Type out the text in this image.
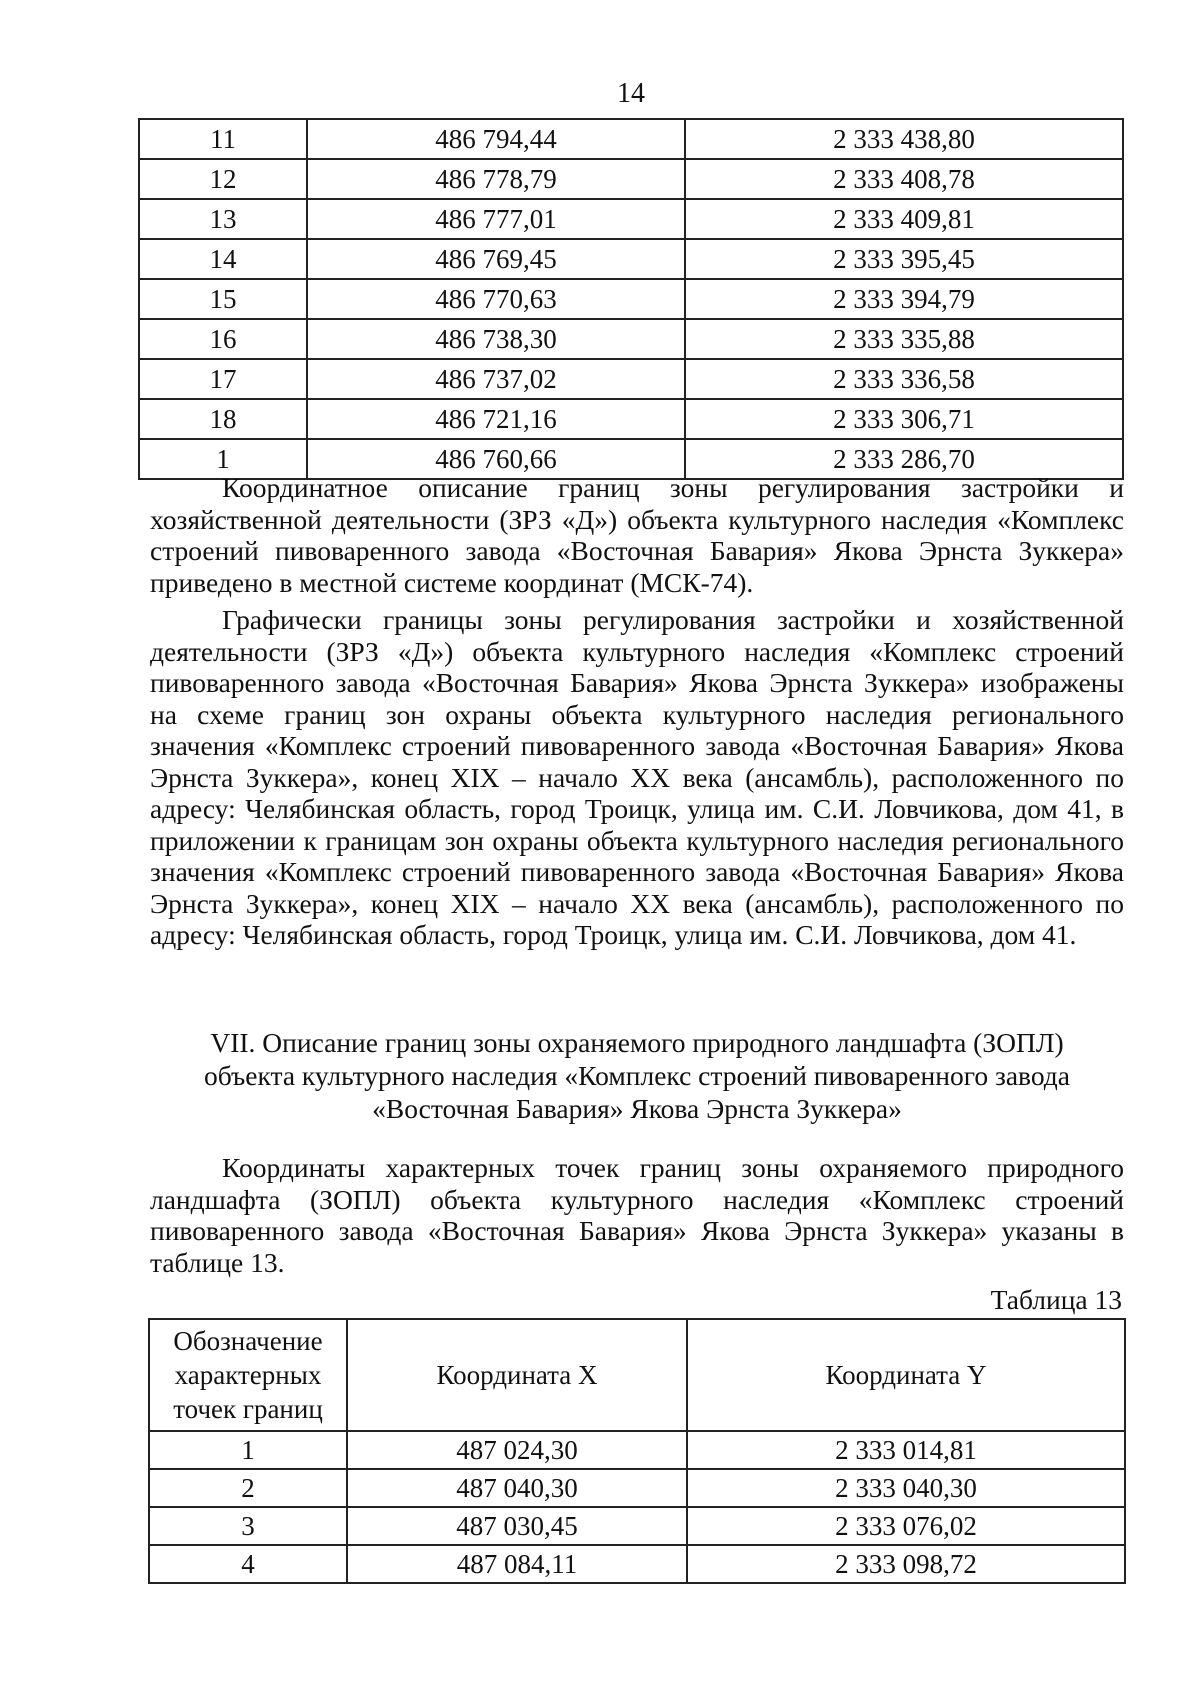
14
11	486 794,44	2 333 438,80
12	486 778,79	2 333 408,78
13	486 777,01	2 333 409,81
14	486 769,45	2 333 395,45
15	486 770,63	2 333 394,79
16	486 738,30	2 333 335,88
17	486 737,02	2 333 336,58
18	486 721,16	2 333 306,71
1	486 760,66	2 333 286,70
Координатное описание границ зоны регулирования застройки и хозяйственной деятельности (ЗРЗ «Д») объекта культурного наследия «Комплекс строений пивоваренного завода «Восточная Бавария» Якова Эрнста Зуккера» приведено в местной системе координат (МСК-74).
Графически границы зоны регулирования застройки и хозяйственной деятельности (ЗРЗ «Д») объекта культурного наследия «Комплекс строений пивоваренного завода «Восточная Бавария» Якова Эрнста Зуккера» изображены на схеме границ зон охраны объекта культурного наследия регионального значения «Комплекс строений пивоваренного завода «Восточная Бавария» Якова Эрнста Зуккера», конец XIX – начало XX века (ансамбль), расположенного по адресу: Челябинская область, город Троицк, улица им. С.И. Ловчикова, дом 41, в приложении к границам зон охраны объекта культурного наследия регионального значения «Комплекс строений пивоваренного завода «Восточная Бавария» Якова Эрнста Зуккера», конец XIX – начало XX века (ансамбль), расположенного по адресу: Челябинская область, город Троицк, улица им. С.И. Ловчикова, дом 41.
VII. Описание границ зоны охраняемого природного ландшафта (ЗОПЛ)
объекта культурного наследия «Комплекс строений пивоваренного завода
«Восточная Бавария» Якова Эрнста Зуккера»
Координаты характерных точек границ зоны охраняемого природного ландшафта (ЗОПЛ) объекта культурного наследия «Комплекс строений пивоваренного завода «Восточная Бавария» Якова Эрнста Зуккера» указаны в таблице 13.
Таблица 13
Обозначение характерных точек границ	Координата X	Координата Y
1	487 024,30	2 333 014,81
2	487 040,30	2 333 040,30
3	487 030,45	2 333 076,02
4	487 084,11	2 333 098,72
